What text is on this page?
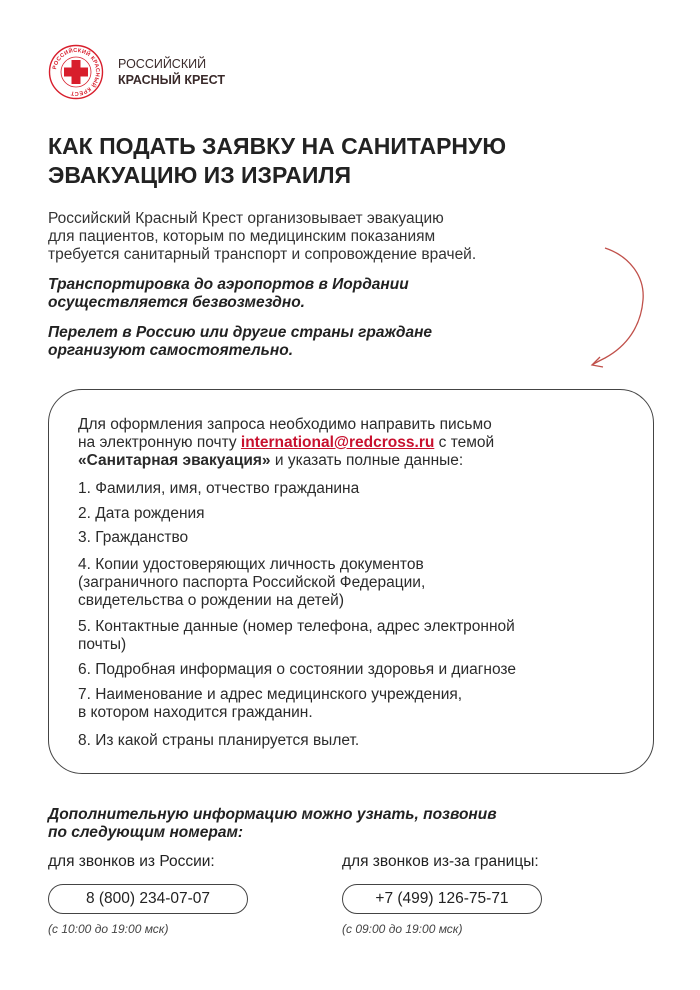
РОССИЙСКИЙ КРАСНЫЙ КРЕСТ
РОССИЙСКИЙ
КРАСНЫЙ КРЕСТ
КАК ПОДАТЬ ЗАЯВКУ НА САНИТАРНУЮ
ЭВАКУАЦИЮ ИЗ ИЗРАИЛЯ

Российский Красный Крест организовывает эвакуацию
для пациентов, которым по медицинским показаниям
требуется санитарный транспорт и сопровождение врачей.

Транспортировка до аэропортов в Иордании
осуществляется безвозмездно.

Перелет в Россию или другие страны граждане
организуют самостоятельно.

Для оформления запроса необходимо направить письмо
на электронную почту international@redcross.ru с темой
«Санитарная эвакуация» и указать полные данные:

1. Фамилия, имя, отчество гражданина
2. Дата рождения
3. Гражданство
4. Копии удостоверяющих личность документов
(заграничного паспорта Российской Федерации,
свидетельства о рождении на детей)
5. Контактные данные (номер телефона, адрес электронной
почты)
6. Подробная информация о состоянии здоровья и диагнозе
7. Наименование и адрес медицинского учреждения,
в котором находится гражданин.
8. Из какой страны планируется вылет.

Дополнительную информацию можно узнать, позвонив
по следующим номерам:

для звонков из России:	для звонков из-за границы:
8 (800) 234-07-07	+7 (499) 126-75-71
(с 10:00 до 19:00 мск)	(с 09:00 до 19:00 мск)
